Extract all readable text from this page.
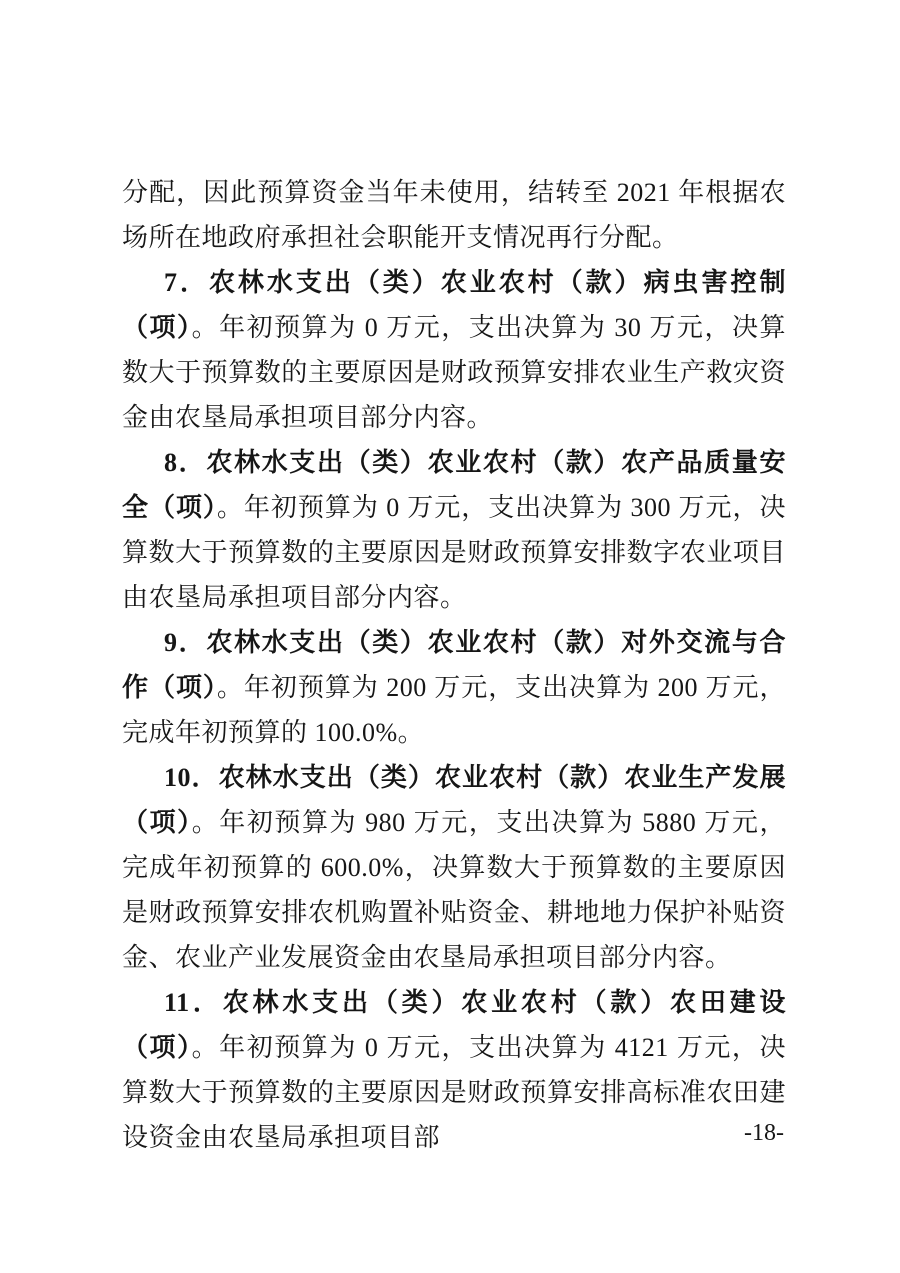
分配，因此预算资金当年未使用，结转至 2021 年根据农场所在地政府承担社会职能开支情况再行分配。

7．农林水支出（类）农业农村（款）病虫害控制（项）。年初预算为 0 万元，支出决算为 30 万元，决算数大于预算数的主要原因是财政预算安排农业生产救灾资金由农垦局承担项目部分内容。

8．农林水支出（类）农业农村（款）农产品质量安全（项）。年初预算为 0 万元，支出决算为 300 万元，决算数大于预算数的主要原因是财政预算安排数字农业项目由农垦局承担项目部分内容。

9．农林水支出（类）农业农村（款）对外交流与合作（项）。年初预算为 200 万元，支出决算为 200 万元，完成年初预算的 100.0%。

10．农林水支出（类）农业农村（款）农业生产发展（项）。年初预算为 980 万元，支出决算为 5880 万元，完成年初预算的 600.0%，决算数大于预算数的主要原因是财政预算安排农机购置补贴资金、耕地地力保护补贴资金、农业产业发展资金由农垦局承担项目部分内容。

11．农林水支出（类）农业农村（款）农田建设（项）。年初预算为 0 万元，支出决算为 4121 万元，决算数大于预算数的主要原因是财政预算安排高标准农田建设资金由农垦局承担项目部	-18-
